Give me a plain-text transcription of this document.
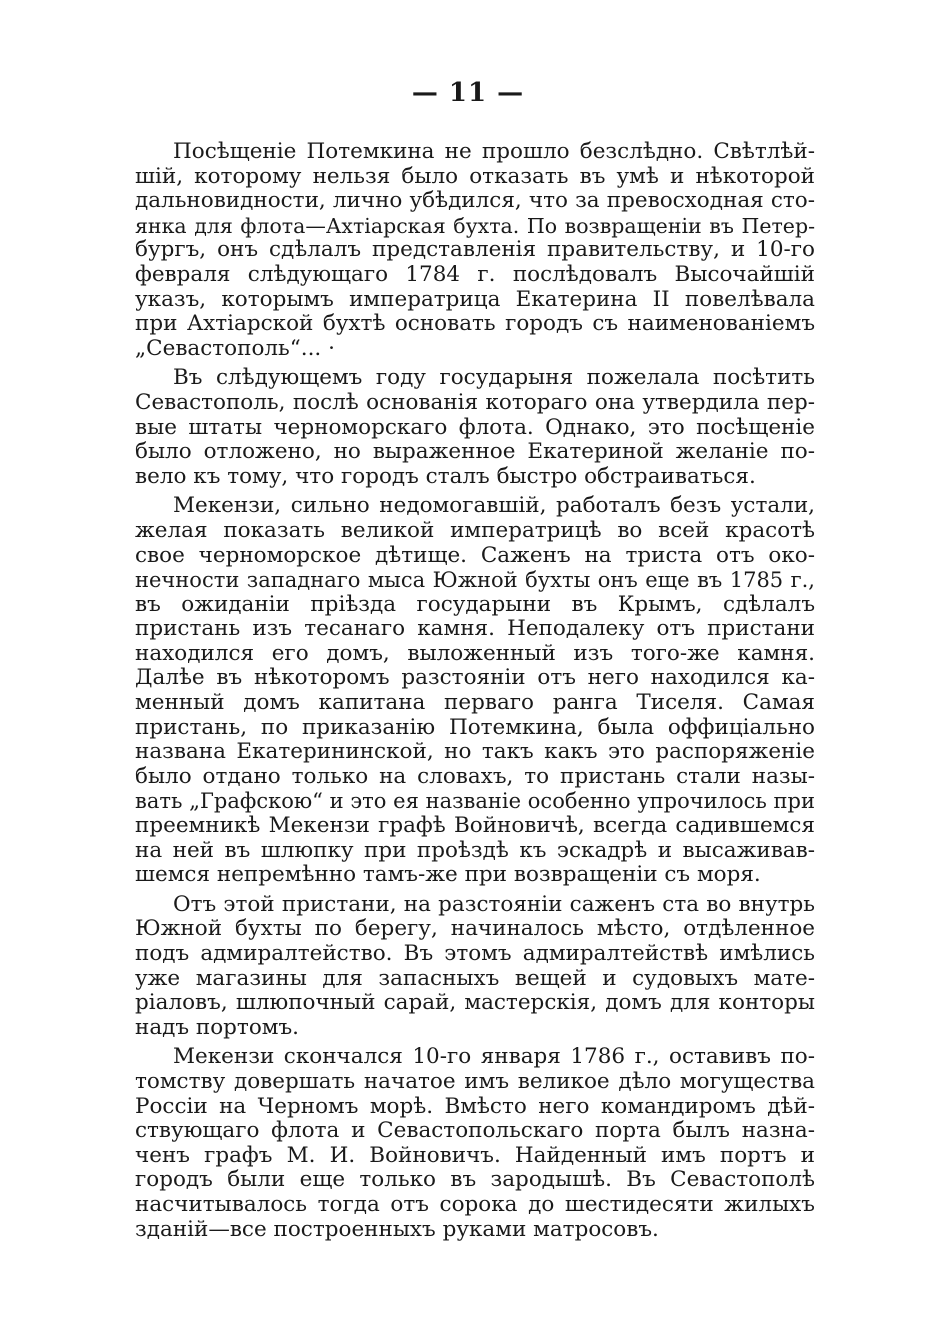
— 11 —
Посѣщеніе Потемкина не прошло безслѣдно. Свѣтлѣй-
шій, которому нельзя было отказать въ умѣ и нѣкоторой
дальновидности, лично убѣдился, что за превосходная сто-
янка для флота—Ахтіарская бухта. По возвращеніи въ Петер-
бургъ, онъ сдѣлалъ представленія правительству, и 10-го
февраля слѣдующаго 1784 г. послѣдовалъ Высочайшій
указъ, которымъ императрица Екатерина II повелѣвала
при Ахтіарской бухтѣ основать городъ съ наименованіемъ
„Севастополь“... ·
Въ слѣдующемъ году государыня пожелала посѣтить
Севастополь, послѣ основанія котораго она утвердила пер-
вые штаты черноморскаго флота. Однако, это посѣщеніе
было отложено, но выраженное Екатериной желаніе по-
вело къ тому, что городъ сталъ быстро обстраиваться.
Мекензи, сильно недомогавшій, работалъ безъ устали,
желая показать великой императрицѣ во всей красотѣ
свое черноморское дѣтище. Саженъ на триста отъ око-
нечности западнаго мыса Южной бухты онъ еще въ 1785 г.,
въ ожиданіи пріѣзда государыни въ Крымъ, сдѣлалъ
пристань изъ тесанаго камня. Неподалеку отъ пристани
находился его домъ, выложенный изъ того-же камня.
Далѣе въ нѣкоторомъ разстояніи отъ него находился ка-
менный домъ капитана перваго ранга Тиселя. Самая
пристань, по приказанію Потемкина, была оффиціально
названа Екатерининской, но такъ какъ это распоряженіе
было отдано только на словахъ, то пристань стали назы-
вать „Графскою“ и это ея названіе особенно упрочилось при
преемникѣ Мекензи графѣ Войновичѣ, всегда садившемся
на ней въ шлюпку при проѣздѣ къ эскадрѣ и высаживав-
шемся непремѣнно тамъ-же при возвращеніи съ моря.
Отъ этой пристани, на разстояніи саженъ ста во внутрь
Южной бухты по берегу, начиналось мѣсто, отдѣленное
подъ адмиралтейство. Въ этомъ адмиралтействѣ имѣлись
уже магазины для запасныхъ вещей и судовыхъ мате-
ріаловъ, шлюпочный сарай, мастерскія, домъ для конторы
надъ портомъ.
Мекензи скончался 10-го января 1786 г., оставивъ по-
томству довершать начатое имъ великое дѣло могущества
Россіи на Черномъ морѣ. Вмѣсто него командиромъ дѣй-
ствующаго флота и Севастопольскаго порта былъ назна-
ченъ графъ М. И. Войновичъ. Найденный имъ портъ и
городъ были еще только въ зародышѣ. Въ Севастополѣ
насчитывалось тогда отъ сорока до шестидесяти жилыхъ
зданій—все построенныхъ руками матросовъ.
